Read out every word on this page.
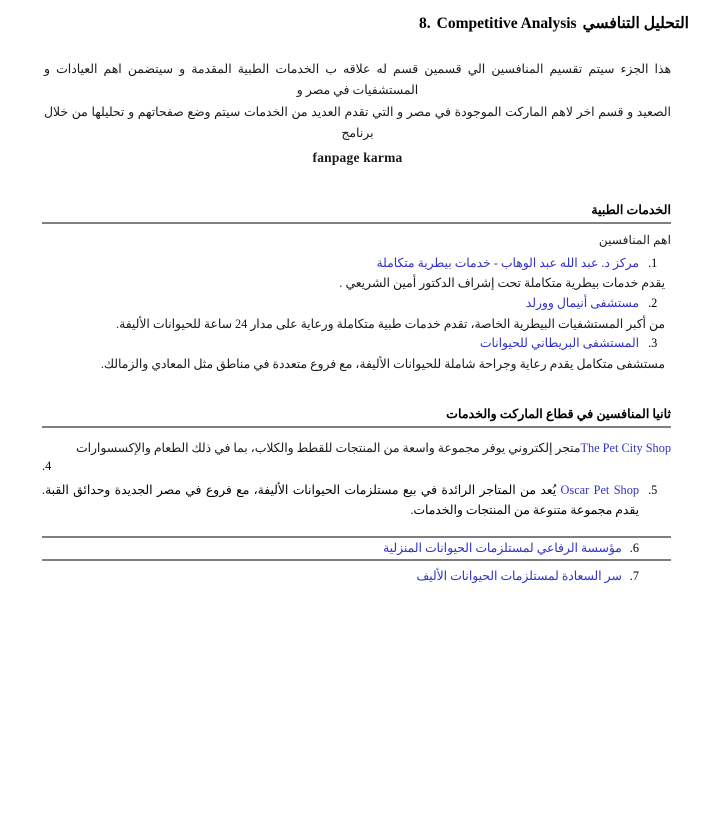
8. Competitive Analysis التحليل التنافسي
هذا الجزء سيتم تقسيم المنافسين الي قسمين قسم له علاقه ب الخدمات الطبية المقدمة و سيتضمن اهم العيادات و المستشفيات في مصر و
الصعيد و قسم اخر لاهم الماركت الموجودة في مصر و التي تقدم العديد من الخدمات سيتم وضع صفحاتهم و تحليلها من خلال برنامج
fanpage karma
الخدمات الطبية
اهم المنافسين
1. مركز د. عبد الله عبد الوهاب - خدمات بيطرية متكاملة
يقدم خدمات بيطرية متكاملة تحت إشراف الدكتور أمين الشريعي .
2. مستشفى أنيمال وورلد
من أكبر المستشفيات البيطرية الخاصة، تقدم خدمات طبية متكاملة ورعاية على مدار 24 ساعة للحيوانات الأليفة.
3. المستشفى البريطاني للحيوانات
مستشفى متكامل يقدم رعاية وجراحة شاملة للحيوانات الأليفة، مع فروع متعددة في مناطق مثل المعادي والزمالك.
ثانيا المنافسين في قطاع الماركت والخدمات
The Pet City Shopمتجر إلكتروني يوفر مجموعة واسعة من المنتجات للقطط والكلاب، بما في ذلك الطعام والإكسسوارات
4.
5. Oscar Pet Shop يُعد من المتاجر الرائدة في بيع مستلزمات الحيوانات الأليفة، مع فروع في مصر الجديدة وحدائق القبة. يقدم مجموعة متنوعة من المنتجات والخدمات.
6.مؤسسة الرفاعي لمستلزمات الحيوانات المنزلية
7.سر السعادة لمستلزمات الحيوانات الأليف
